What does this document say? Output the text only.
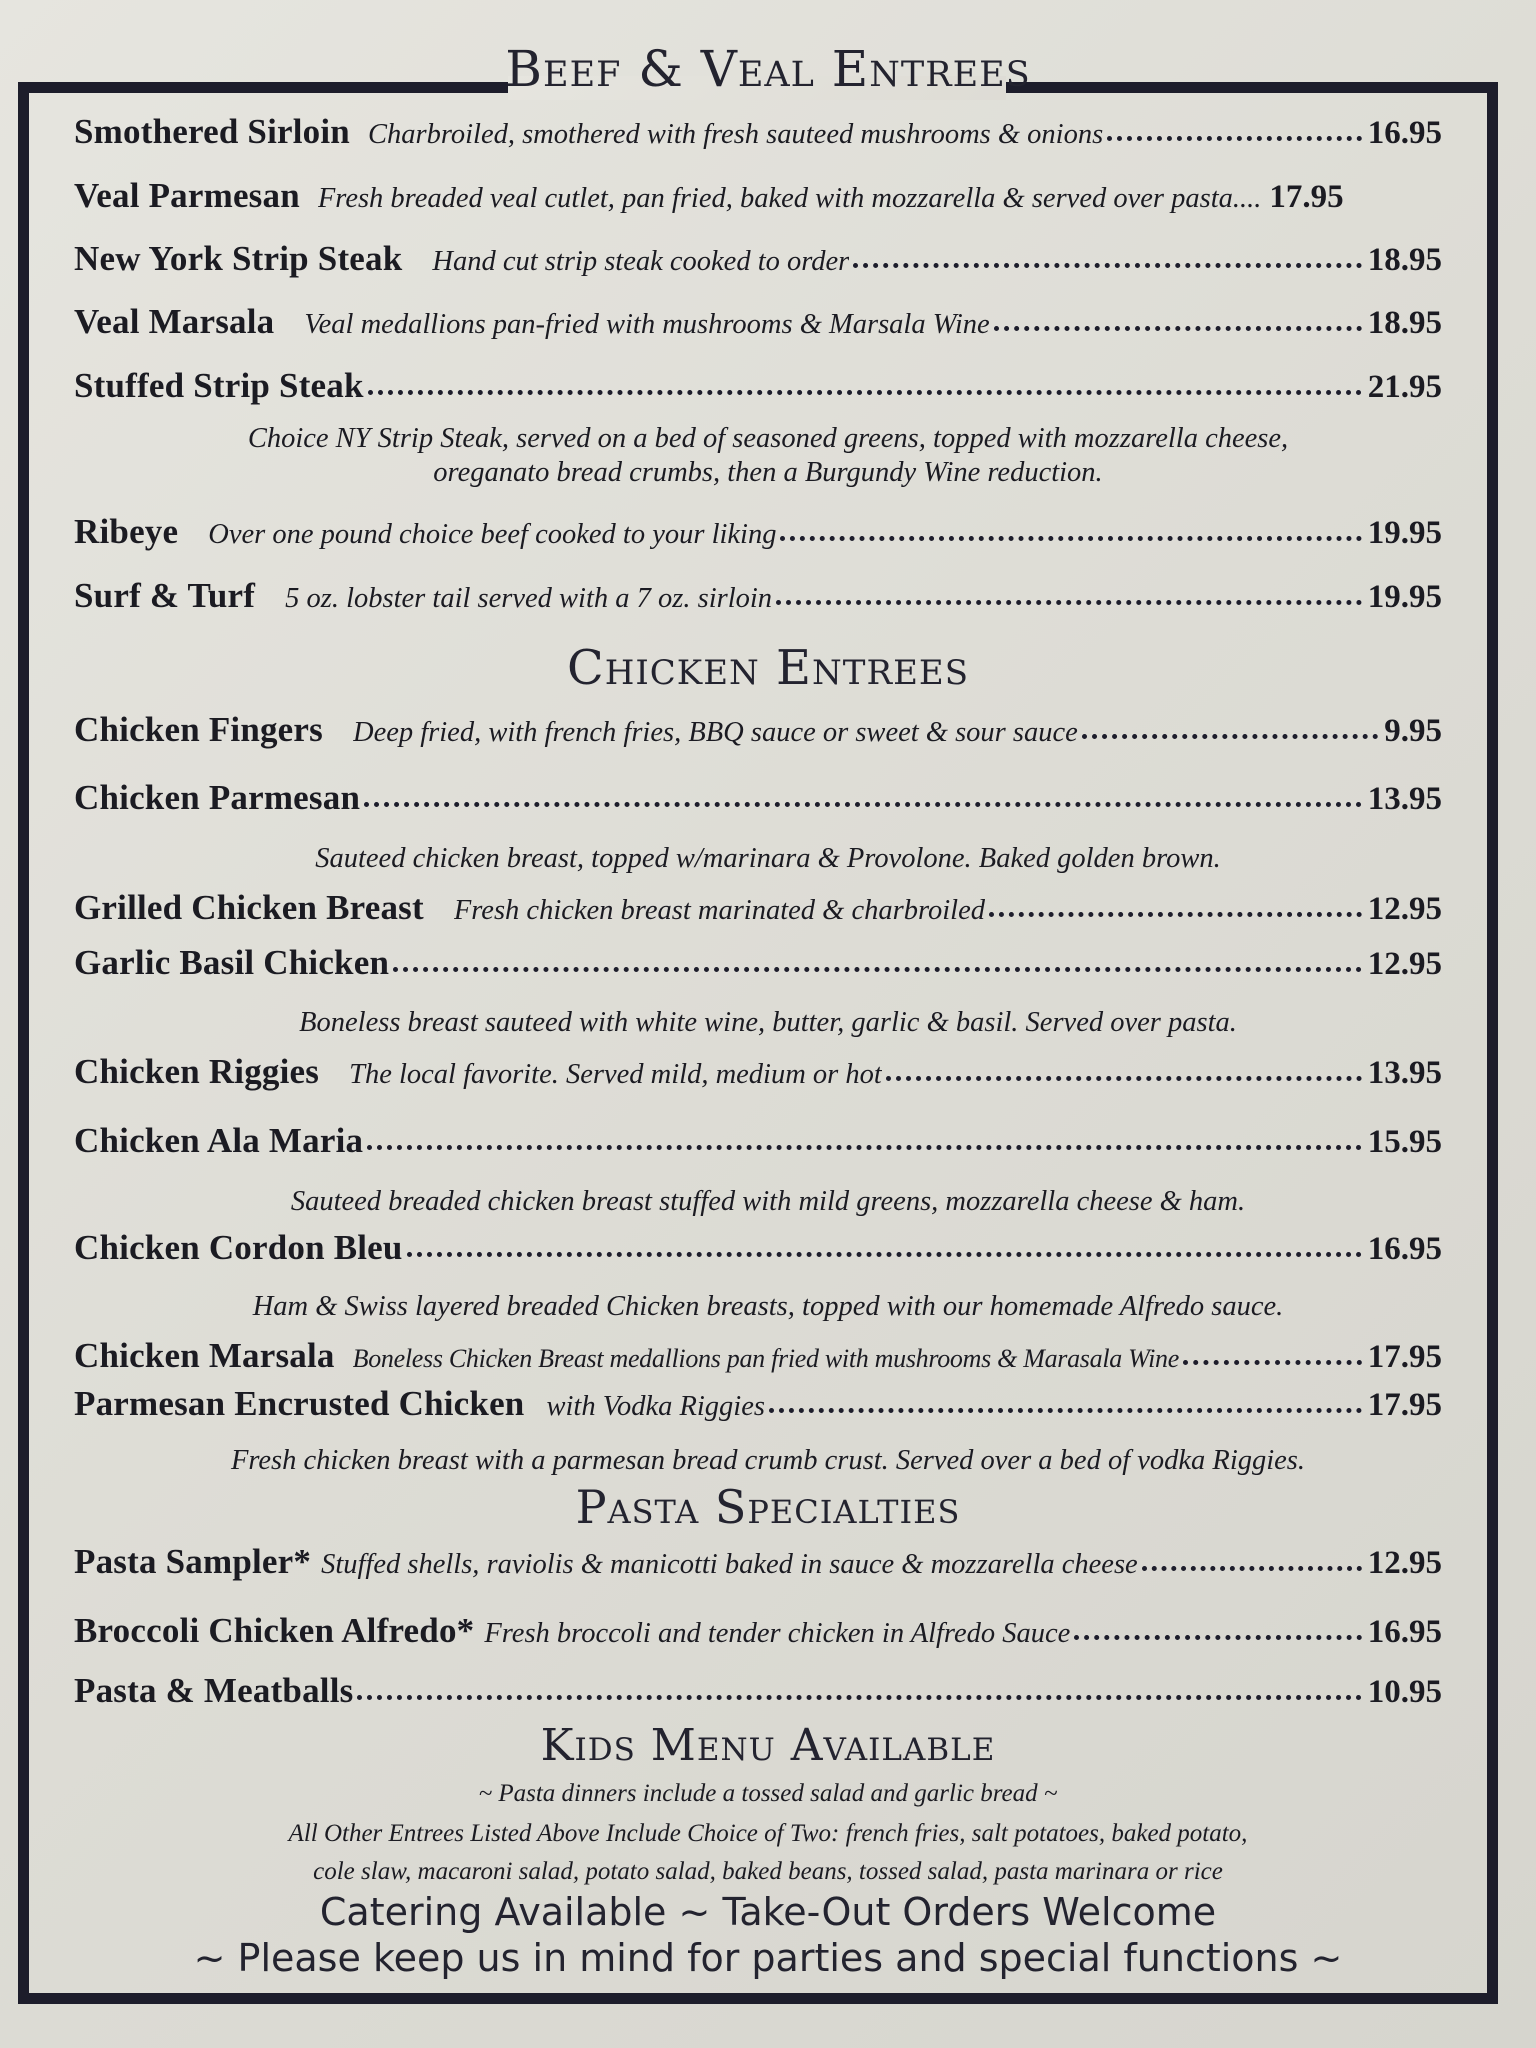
Beef & Veal Entrees
Smothered Sirloin Charbroiled, smothered with fresh sauteed mushrooms & onions	16.95
Veal Parmesan Fresh breaded veal cutlet, pan fried, baked with mozzarella & served over pasta.... 17.95
New York Strip Steak Hand cut strip steak cooked to order	18.95
Veal Marsala Veal medallions pan-fried with mushrooms & Marsala Wine	18.95
Stuffed Strip Steak	21.95
Choice NY Strip Steak, served on a bed of seasoned greens, topped with mozzarella cheese,
oreganato bread crumbs, then a Burgundy Wine reduction.
Ribeye Over one pound choice beef cooked to your liking	19.95
Surf & Turf 5 oz. lobster tail served with a 7 oz. sirloin	19.95
Chicken Entrees
Chicken Fingers Deep fried, with french fries, BBQ sauce or sweet & sour sauce	9.95
Chicken Parmesan	13.95
Sauteed chicken breast, topped w/marinara & Provolone. Baked golden brown.
Grilled Chicken Breast Fresh chicken breast marinated & charbroiled	12.95
Garlic Basil Chicken	12.95
Boneless breast sauteed with white wine, butter, garlic & basil. Served over pasta.
Chicken Riggies The local favorite. Served mild, medium or hot	13.95
Chicken Ala Maria	15.95
Sauteed breaded chicken breast stuffed with mild greens, mozzarella cheese & ham.
Chicken Cordon Bleu	16.95
Ham & Swiss layered breaded Chicken breasts, topped with our homemade Alfredo sauce.
Chicken Marsala Boneless Chicken Breast medallions pan fried with mushrooms & Marasala Wine	17.95
Parmesan Encrusted Chicken with Vodka Riggies	17.95
Fresh chicken breast with a parmesan bread crumb crust. Served over a bed of vodka Riggies.
Pasta Specialties
Pasta Sampler* Stuffed shells, raviolis & manicotti baked in sauce & mozzarella cheese	12.95
Broccoli Chicken Alfredo* Fresh broccoli and tender chicken in Alfredo Sauce	16.95
Pasta & Meatballs	10.95
Kids Menu Available
~ Pasta dinners include a tossed salad and garlic bread ~
All Other Entrees Listed Above Include Choice of Two: french fries, salt potatoes, baked potato,
cole slaw, macaroni salad, potato salad, baked beans, tossed salad, pasta marinara or rice
Catering Available ~ Take-Out Orders Welcome
~ Please keep us in mind for parties and special functions ~
